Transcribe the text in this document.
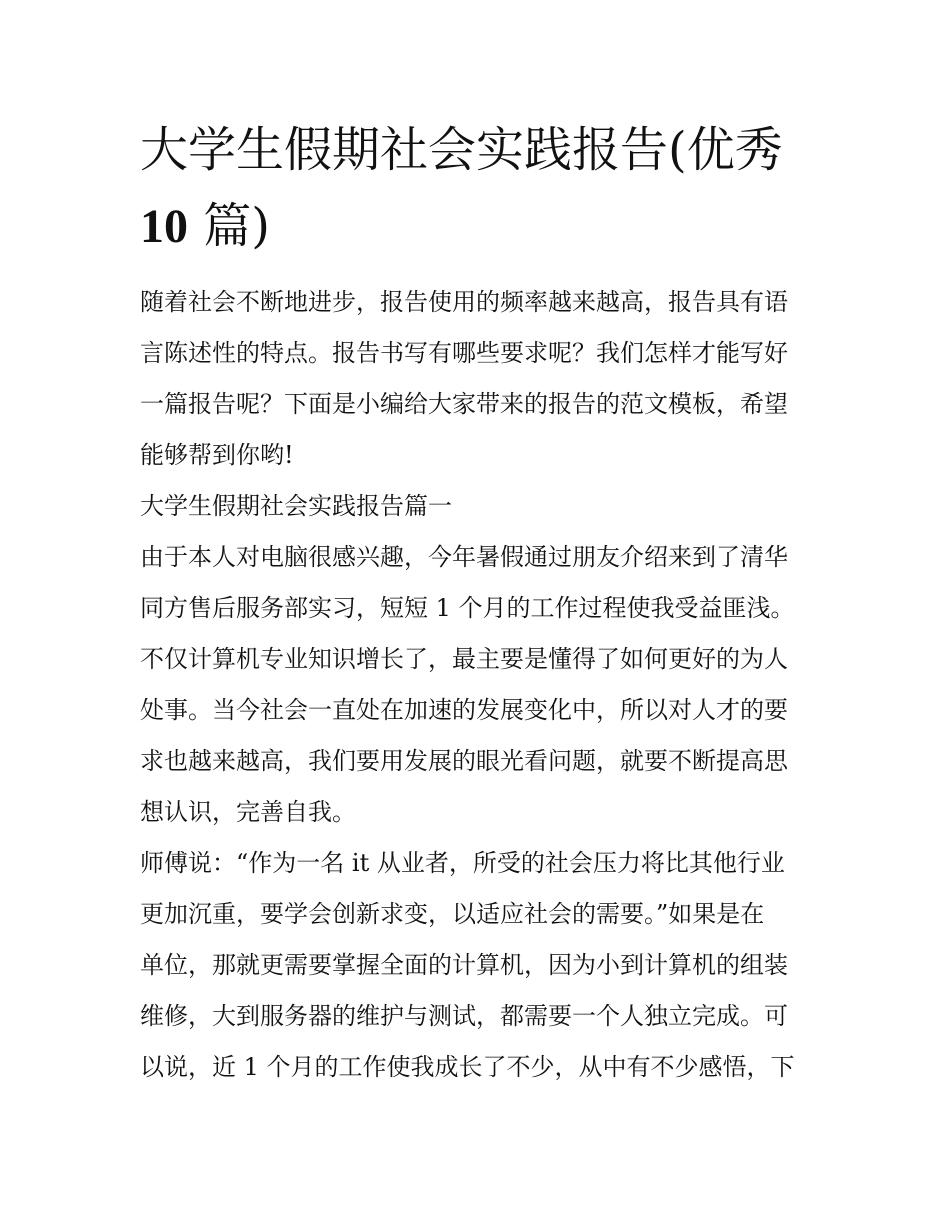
大学生假期社会实践报告(优秀
10 篇)
随着社会不断地进步，报告使用的频率越来越高，报告具有语
言陈述性的特点。报告书写有哪些要求呢？我们怎样才能写好
一篇报告呢？下面是小编给大家带来的报告的范文模板，希望
能够帮到你哟!
大学生假期社会实践报告篇一
由于本人对电脑很感兴趣，今年暑假通过朋友介绍来到了清华
同方售后服务部实习，短短 1 个月的工作过程使我受益匪浅。
不仅计算机专业知识增长了，最主要是懂得了如何更好的为人
处事。当今社会一直处在加速的发展变化中，所以对人才的要
求也越来越高，我们要用发展的眼光看问题，就要不断提高思
想认识，完善自我。
师傅说：“作为一名 it 从业者，所受的社会压力将比其他行业
更加沉重，要学会创新求变，以适应社会的需要。”如果是在
单位，那就更需要掌握全面的计算机，因为小到计算机的组装
维修，大到服务器的维护与测试，都需要一个人独立完成。可
以说，近 1 个月的工作使我成长了不少，从中有不少感悟，下
